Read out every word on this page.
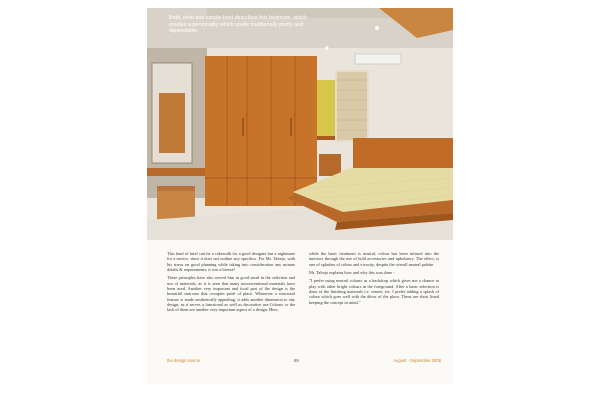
Bold, solid and simple best describes this bedroom, which exudes a personality which spells traditionally pretty and dependable.

This kind of brief can be a cakewalk for a good designer but a nightmare for a novice, since it does not outline any specifics. For Mr. Talreja, with his stress on good planning while taking into consideration any minute details & requirements, it was a breeze!

These principles have also served him in good stead in the selection and use of materials, as it is seen that many unconventional materials have been used. Another very important and focal part of the design is the beautiful staircase that occupies pride of place. Whenever a structural feature is made aesthetically appealing, it adds another dimension to any design, as it serves a functional as well as decorative use.Colours or the lack of them are another very important aspect of a design. Here,

while the basic treatment is neutral, colour has been infused into the interiors through the use of bold accessories and upholstery. The effect, is one of splashes of colour and vivacity, despite the overall neutral palette.

Mr. Talreja explains how and why this was done -

"I prefer using neutral colours as a backdrop which gives me a chance to play with other bright colours in the foreground. After a basic selection is done of the finishing materials i.e. veneer, etc. I prefer adding a splash of colour which goes well with the décor of the place. These are short listed keeping the concept in mind."

the design source	69	August - September 2008
